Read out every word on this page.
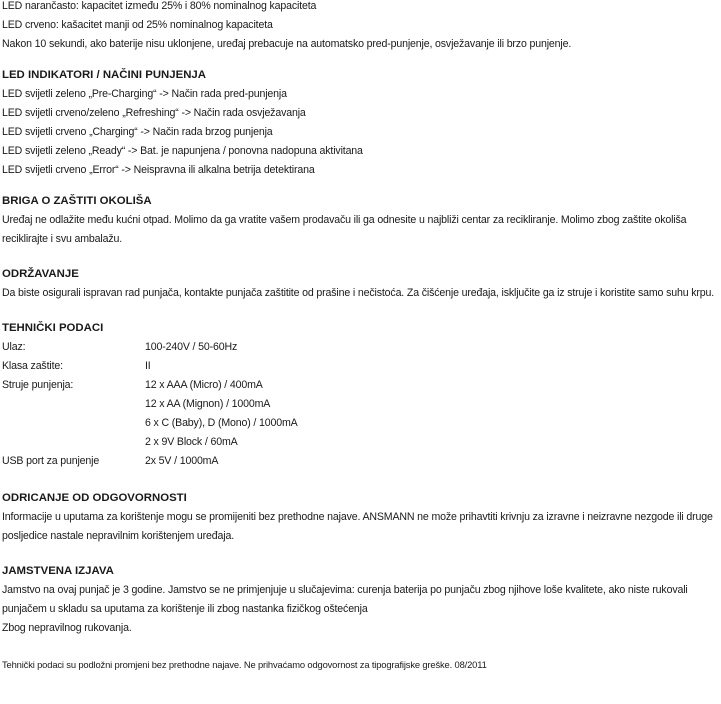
LED narančasto: kapacitet između 25% i 80% nominalnog kapaciteta

LED crveno: kašacitet manji od 25% nominalnog kapaciteta

Nakon 10 sekundi, ako baterije nisu uklonjene, uređaj prebacuje na automatsko pred-punjenje, osvježavanje ili brzo punjenje.

LED INDIKATORI / NAČINI PUNJENJA

LED svijetli zeleno „Pre-Charging“ -> Način rada pred-punjenja

LED svijetli crveno/zeleno „Refreshing“ -> Način rada osvježavanja

LED svijetli crveno „Charging“ -> Način rada brzog punjenja

LED svijetli zeleno „Ready“ -> Bat. je napunjena / ponovna nadopuna aktivitana

LED svijetli crveno „Error“ -> Neispravna ili alkalna betrija detektirana

BRIGA O ZAŠTITI OKOLIŠA

Uređaj ne odlažite među kućni otpad. Molimo da ga vratite vašem prodavaču ili ga odnesite u najbliži centar za recikliranje. Molimo zbog zaštite okoliša

reciklirajte i svu ambalažu.

ODRŽAVANJE

Da biste osigurali ispravan rad punjača, kontakte punjača zaštitite od prašine i nečistoća. Za čišćenje uređaja, isključite ga iz struje i koristite samo suhu krpu.

TEHNIČKI PODACI

Ulaz:	100-240V / 50-60Hz
Klasa zaštite:	II
Struje punjenja:	12 x AAA (Micro) / 400mA
12 x AA (Mignon) / 1000mA
6 x C (Baby), D (Mono) / 1000mA
2 x 9V Block / 60mA
USB port za punjenje	2x 5V / 1000mA

ODRICANJE OD ODGOVORNOSTI

Informacije u uputama za korištenje mogu se promijeniti bez prethodne najave. ANSMANN ne može prihavtiti krivnju za izravne i neizravne nezgode ili druge

posljedice nastale nepravilnim korištenjem uređaja.

JAMSTVENA IZJAVA

Jamstvo na ovaj punjač je 3 godine. Jamstvo se ne primjenjuje u slučajevima: curenja baterija po punjaču zbog njihove loše kvalitete, ako niste rukovali

punjačem u skladu sa uputama za korištenje ili zbog nastanka fizičkog oštećenja

Zbog nepravilnog rukovanja.

Tehnički podaci su podložni promjeni bez prethodne najave. Ne prihvaćamo odgovornost za tipografijske greške. 08/2011
